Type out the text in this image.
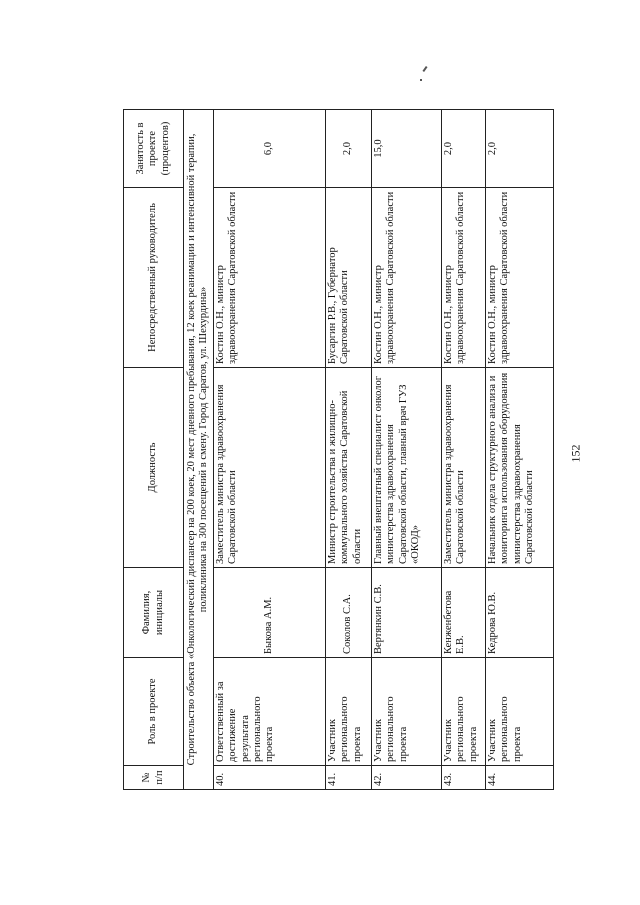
№ п/п	Роль в проекте	Фамилия, инициалы	Должность	Непосредственный руководитель	Занятость в проекте (процентов)
Строительство объекта «Онкологический диспансер на 200 коек, 20 мест дневного пребывания, 12 коек реанимации и интенсивной терапии, поликлиника на 300 посещений в смену. Город Саратов, ул. Шехурдина»					
40.	Ответственный за достижение результата регионального проекта	Быкова А.М.	Заместитель министра здравоохранения Саратовской области	Костин О.Н., министр здравоохранения Саратовской области	6,0
41.	Участник регионального проекта	Соколов С.А.	Министр строительства и жилищно-коммунального хозяйства Саратовской области	Бусаргин Р.В., Губернатор Саратовской области	2,0
42.	Участник регионального проекта	Вертянкин С.В.	Главный внештатный специалист онколог министерства здравоохранения Саратовской области, главный врач ГУЗ «ОКОД»	Костин О.Н., министр здравоохранения Саратовской области	15,0
43.	Участник регионального проекта	Кенженбетова Е.В.	Заместитель министра здравоохранения Саратовской области	Костин О.Н., министр здравоохранения Саратовской области	2,0
44.	Участник регионального проекта	Кедрова Ю.В.	Начальник отдела структурного анализа и мониторинга использования оборудования министерства здравоохранения Саратовской области	Костин О.Н., министр здравоохранения Саратовской области	2,0
152
